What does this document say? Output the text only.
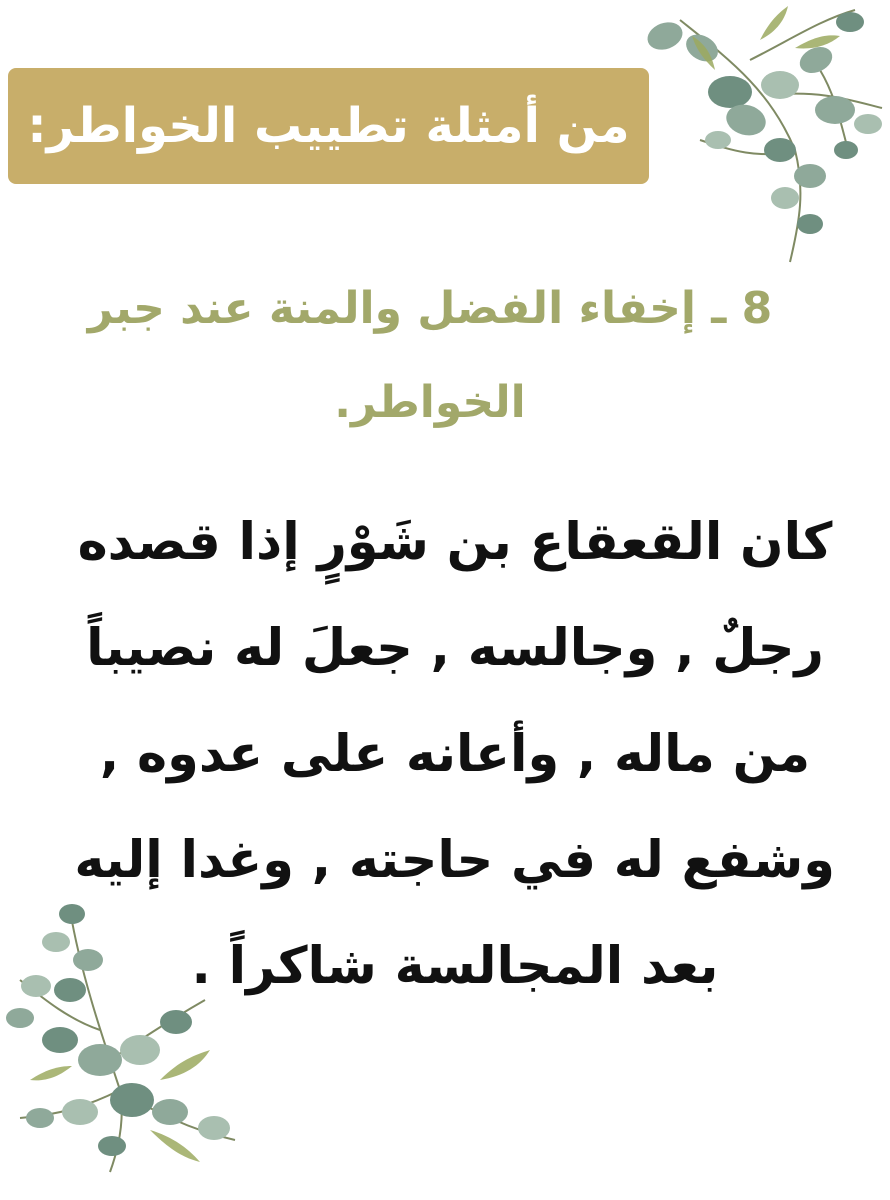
من أمثلة تطييب الخواطر:
8 ـ إخفاء الفضل والمنة عند جبر
الخواطر.
كان القعقاع بن شَوْرٍ إذا قصده
رجلٌ , وجالسه , جعلَ له نصيباً
من ماله , وأعانه على عدوه ,
وشفع له في حاجته , وغدا إليه
بعد المجالسة شاكراً .
